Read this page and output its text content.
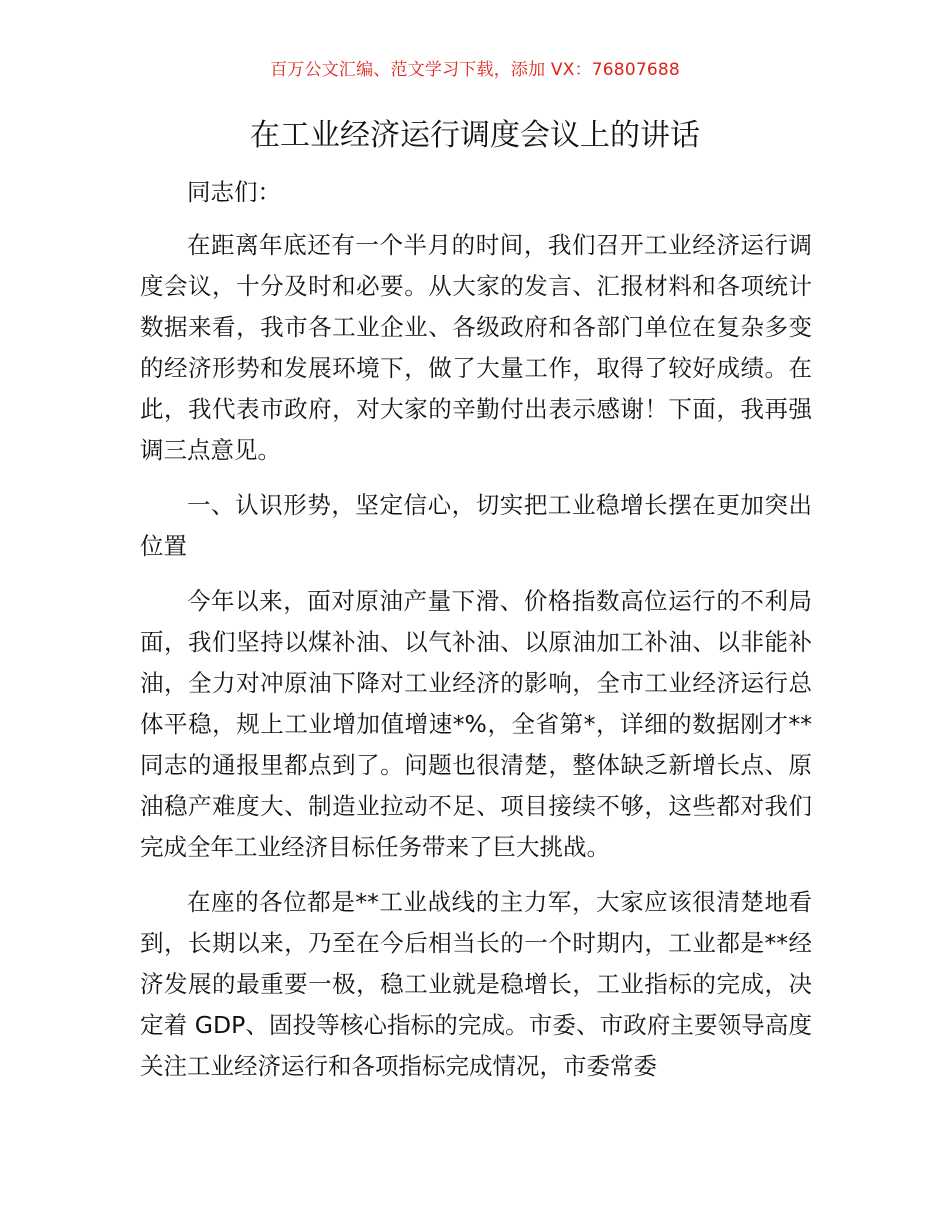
百万公文汇编、范文学习下载，添加 VX：76807688
在工业经济运行调度会议上的讲话

同志们：

在距离年底还有一个半月的时间，我们召开工业经济运行调度会议，十分及时和必要。从大家的发言、汇报材料和各项统计数据来看，我市各工业企业、各级政府和各部门单位在复杂多变的经济形势和发展环境下，做了大量工作，取得了较好成绩。在此，我代表市政府，对大家的辛勤付出表示感谢！下面，我再强调三点意见。

一、认识形势，坚定信心，切实把工业稳增长摆在更加突出位置

今年以来，面对原油产量下滑、价格指数高位运行的不利局面，我们坚持以煤补油、以气补油、以原油加工补油、以非能补油，全力对冲原油下降对工业经济的影响，全市工业经济运行总体平稳，规上工业增加值增速*%，全省第*，详细的数据刚才**同志的通报里都点到了。问题也很清楚，整体缺乏新增长点、原油稳产难度大、制造业拉动不足、项目接续不够，这些都对我们完成全年工业经济目标任务带来了巨大挑战。

在座的各位都是**工业战线的主力军，大家应该很清楚地看到，长期以来，乃至在今后相当长的一个时期内，工业都是**经济发展的最重要一极，稳工业就是稳增长，工业指标的完成，决定着 GDP、固投等核心指标的完成。市委、市政府主要领导高度关注工业经济运行和各项指标完成情况，市委常委
